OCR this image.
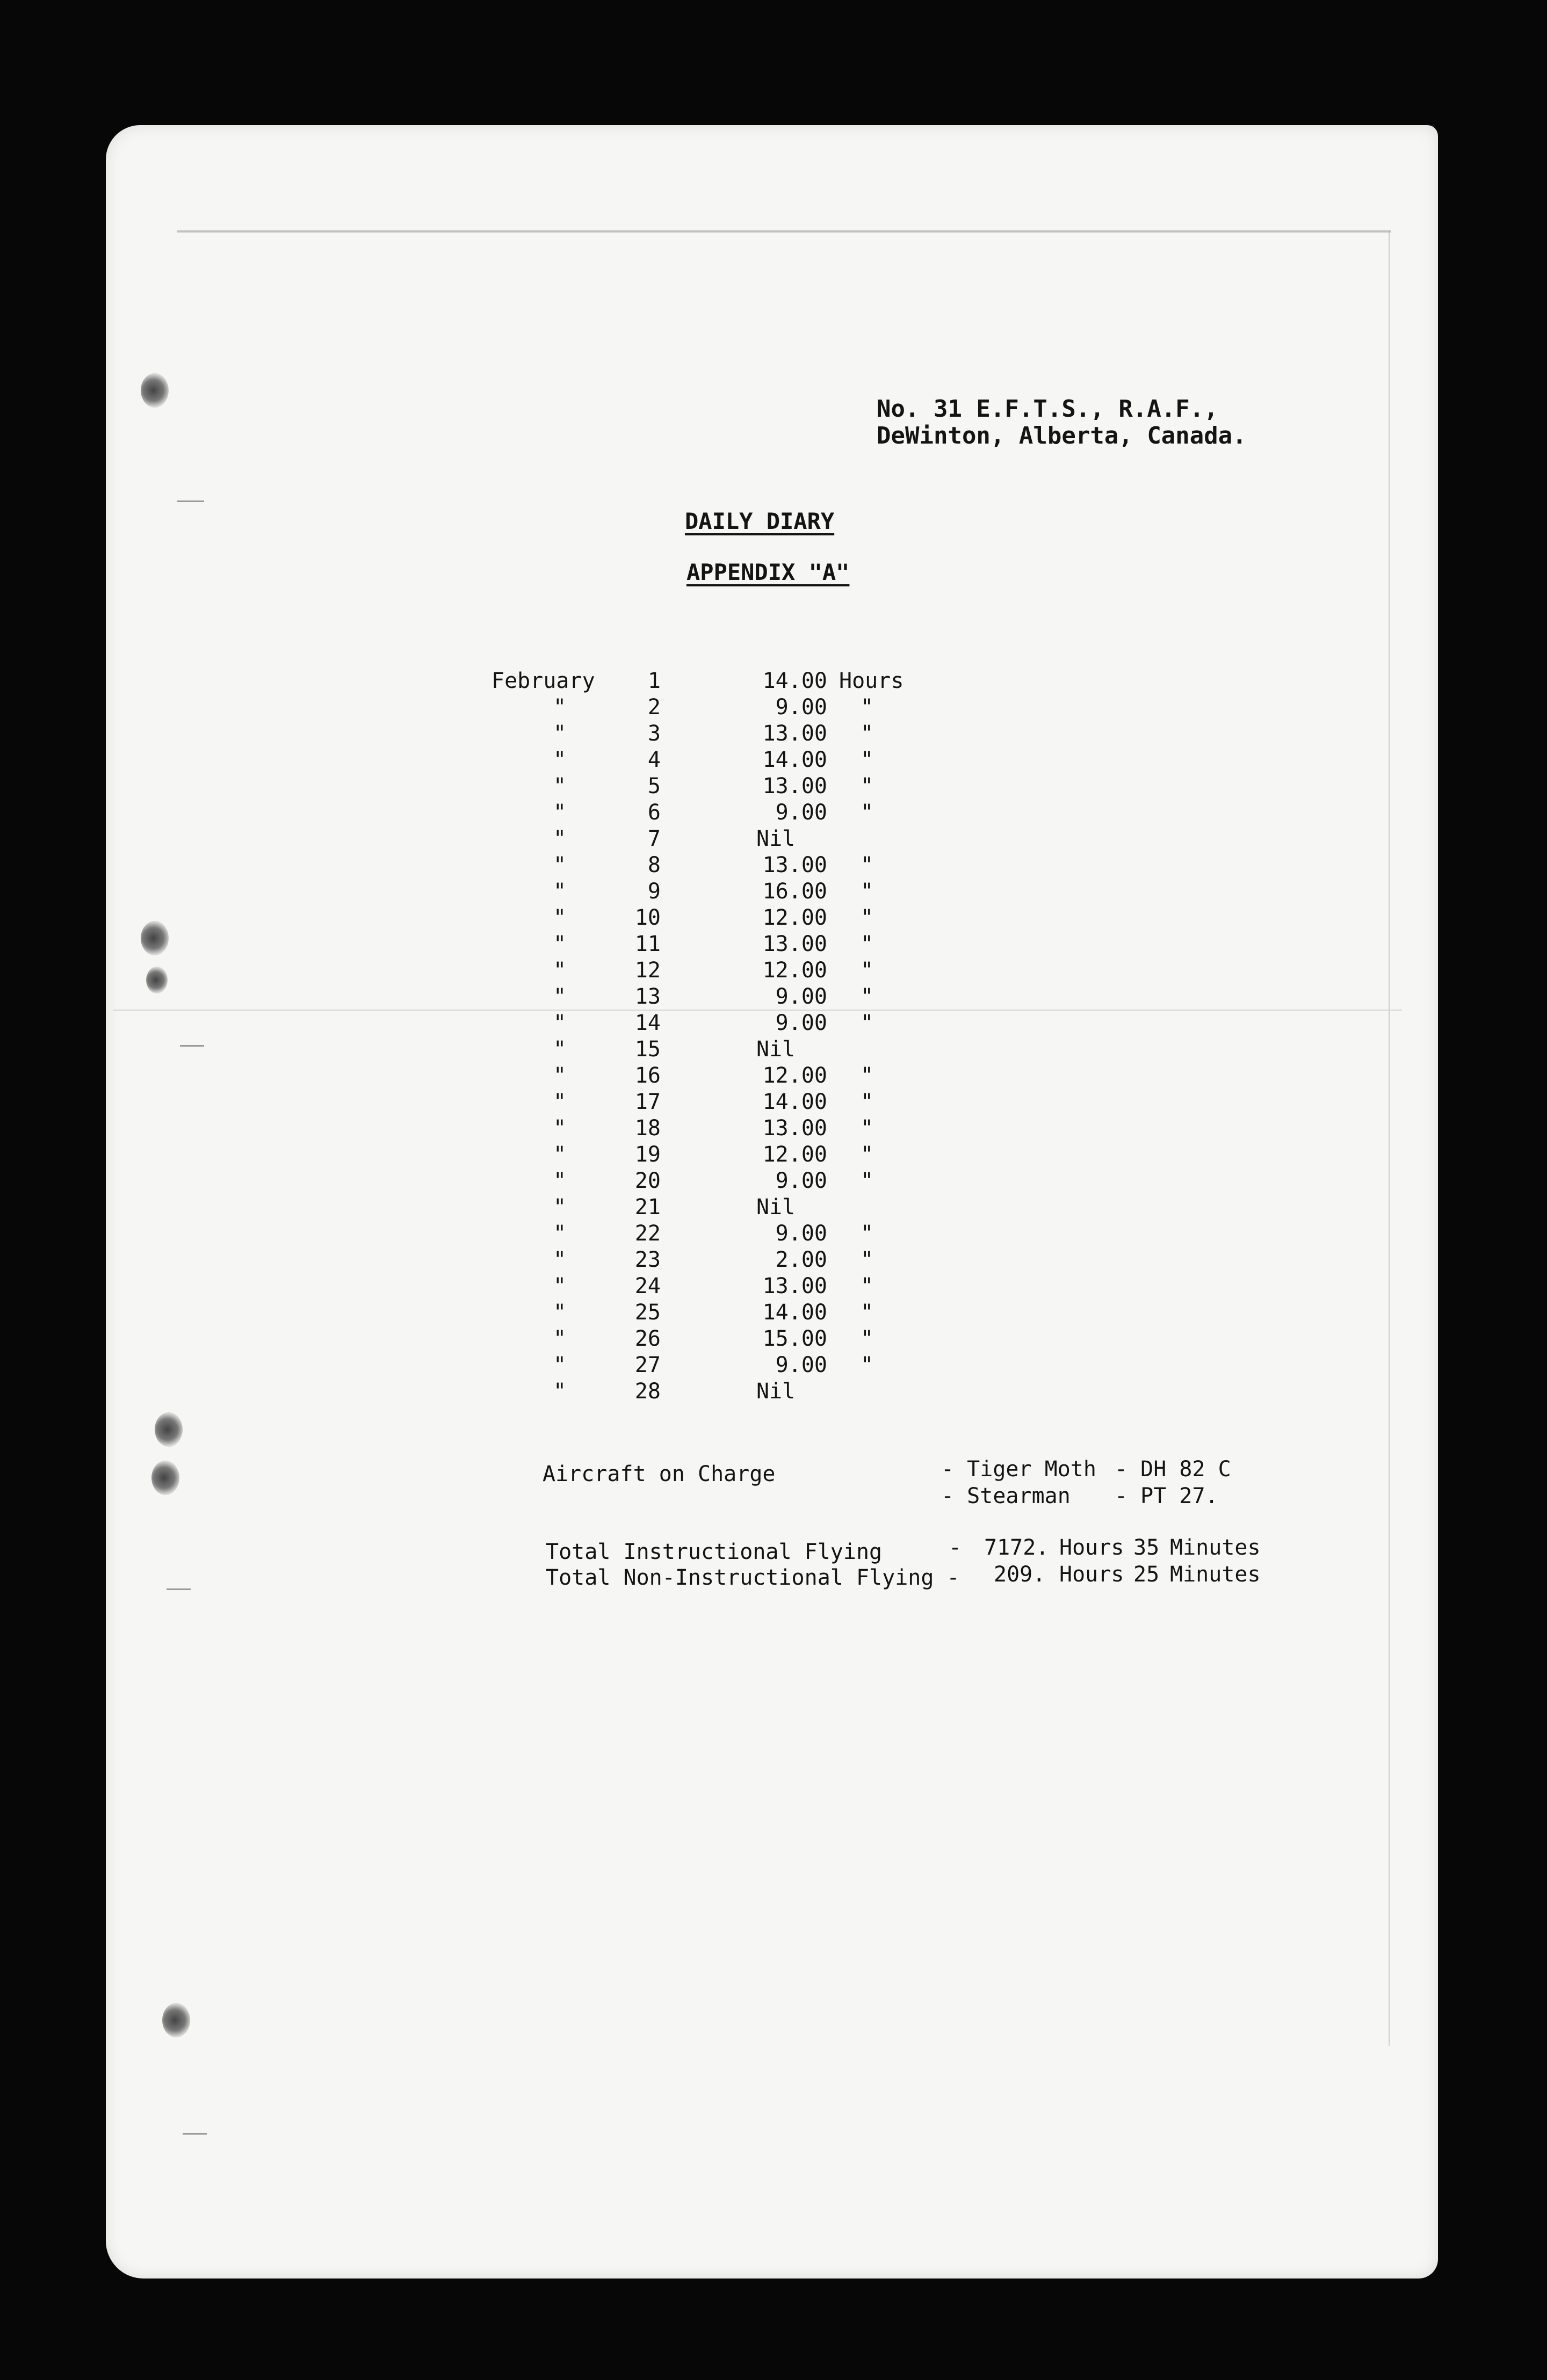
No. 31 E.F.T.S., R.A.F.,
DeWinton, Alberta, Canada.
DAILY DIARY
APPENDIX "A"
February	1	14.00 Hours
"	2	9.00 "
"	3	13.00 "
"	4	14.00 "
"	5	13.00 "
"	6	9.00 "
"	7	Nil
"	8	13.00 "
"	9	16.00 "
"	10	12.00 "
"	11	13.00 "
"	12	12.00 "
"	13	9.00 "
"	14	9.00 "
"	15	Nil
"	16	12.00 "
"	17	14.00 "
"	18	13.00 "
"	19	12.00 "
"	20	9.00 "
"	21	Nil
"	22	9.00 "
"	23	2.00 "
"	24	13.00 "
"	25	14.00 "
"	26	15.00 "
"	27	9.00 "
"	28	Nil
Aircraft on Charge	- Tiger Moth - DH 82 C
- Stearman - PT 27.
Total Instructional Flying	- 7172. Hours 35 Minutes
Total Non-Instructional Flying - 209. Hours 25 Minutes
